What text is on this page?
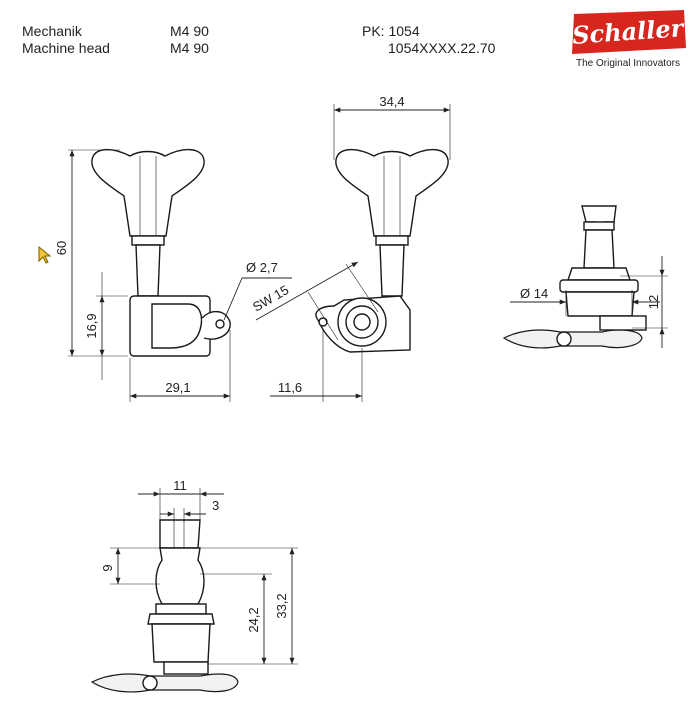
Mechanik
Machine head
M4 90
M4 90
PK: 1054
1054XXXX.22.70	Schaller
The Original Innovators
60
16,9
29,1
Ø 2,7
34,4
SW 15
11,6
12
Ø 14
11
3
9
24,2
33,2
